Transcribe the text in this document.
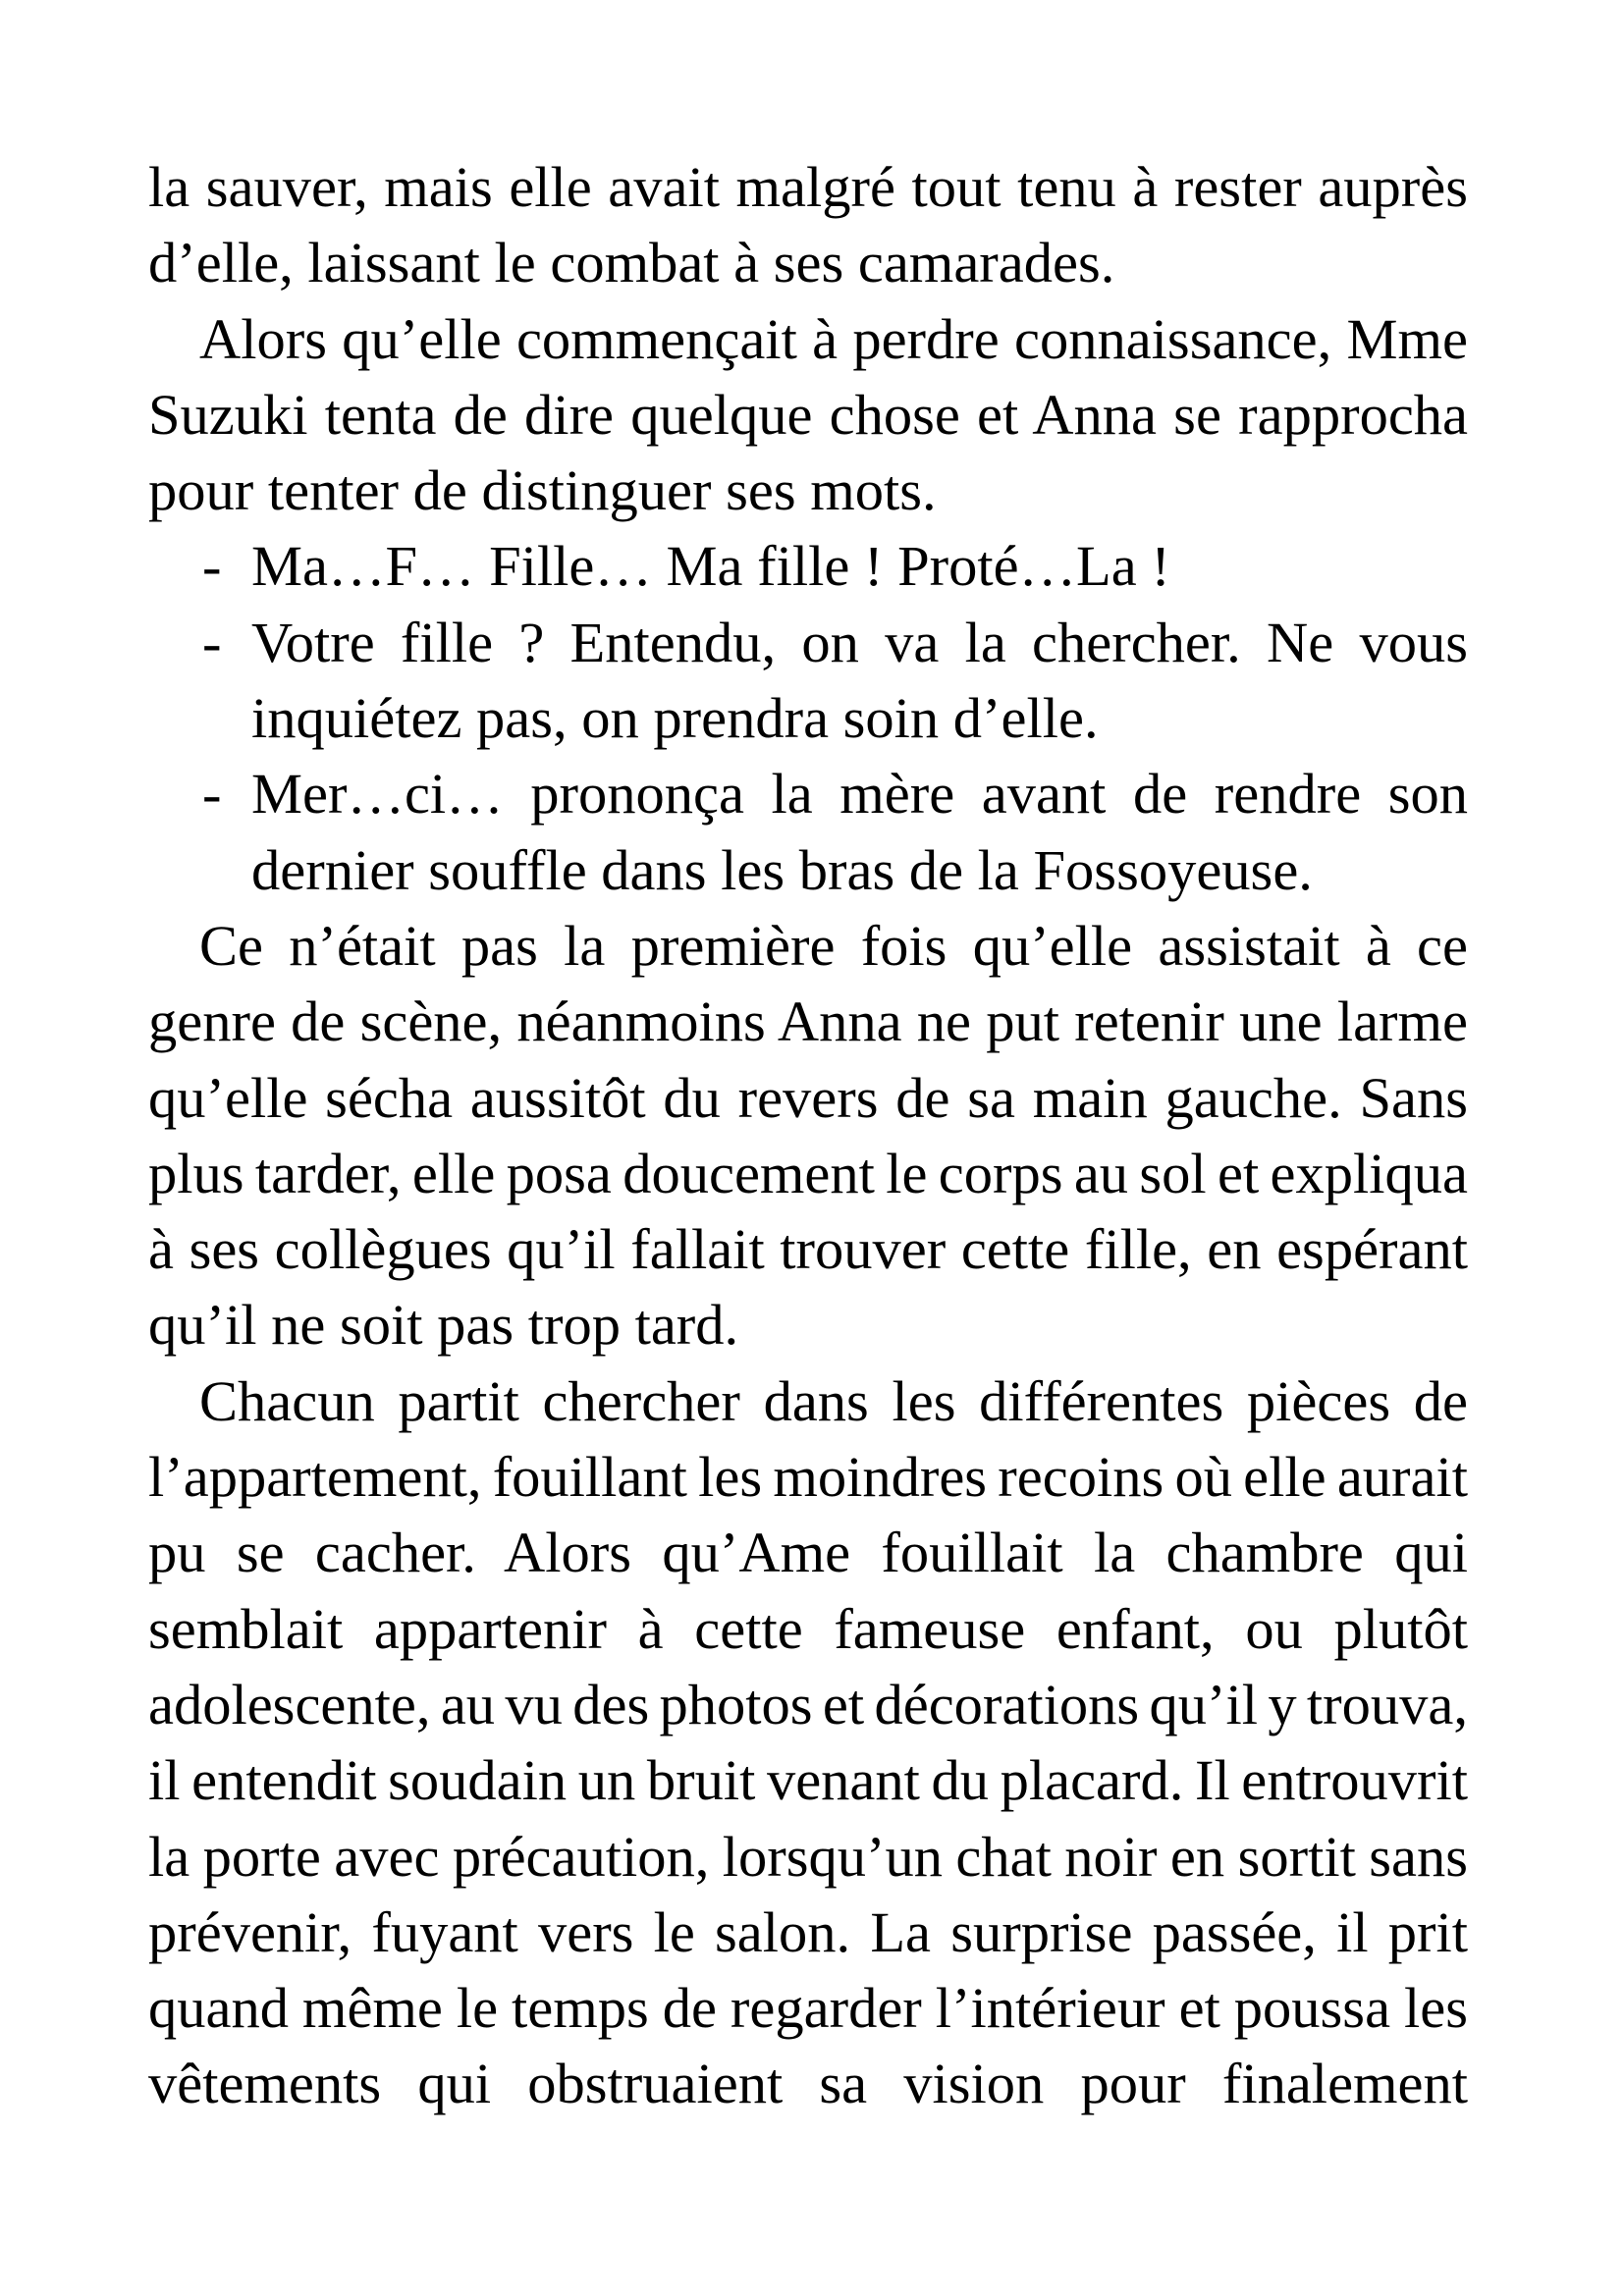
la sauver, mais elle avait malgré tout tenu à rester auprès
d’elle, laissant le combat à ses camarades.
Alors qu’elle commençait à perdre connaissance, Mme
Suzuki tenta de dire quelque chose et Anna se rapprocha
pour tenter de distinguer ses mots.
- Ma…F… Fille… Ma fille ! Proté…La !
- Votre fille ? Entendu, on va la chercher. Ne vous
inquiétez pas, on prendra soin d’elle.
- Mer…ci… prononça la mère avant de rendre son
dernier souffle dans les bras de la Fossoyeuse.
Ce n’était pas la première fois qu’elle assistait à ce
genre de scène, néanmoins Anna ne put retenir une larme
qu’elle sécha aussitôt du revers de sa main gauche. Sans
plus tarder, elle posa doucement le corps au sol et expliqua
à ses collègues qu’il fallait trouver cette fille, en espérant
qu’il ne soit pas trop tard.
Chacun partit chercher dans les différentes pièces de
l’appartement, fouillant les moindres recoins où elle aurait
pu se cacher. Alors qu’Ame fouillait la chambre qui
semblait appartenir à cette fameuse enfant, ou plutôt
adolescente, au vu des photos et décorations qu’il y trouva,
il entendit soudain un bruit venant du placard. Il entrouvrit
la porte avec précaution, lorsqu’un chat noir en sortit sans
prévenir, fuyant vers le salon. La surprise passée, il prit
quand même le temps de regarder l’intérieur et poussa les
vêtements qui obstruaient sa vision pour finalement
